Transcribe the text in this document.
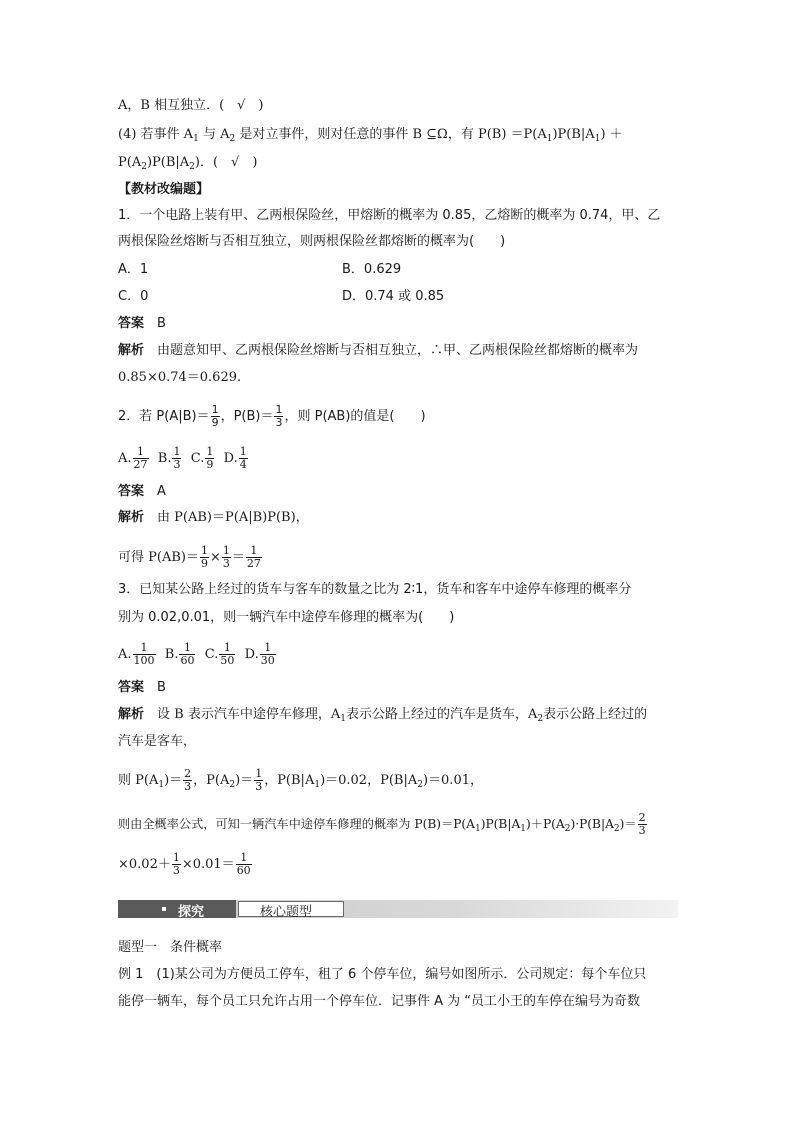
A，B 相互独立．(　√　)
(4) 若事件 $A_1$ 与 $A_2$ 是对立事件，则对任意的事件 B ⊆Ω，有 $P(B) =P(A_1)P(B|A_1)$ ＋
$P(A_2)P(B|A_2)$．(　√　)
【教材改编题】
1．一个电路上装有甲、乙两根保险丝，甲熔断的概率为 0.85，乙熔断的概率为 0.74，甲、乙
两根保险丝熔断与否相互独立，则两根保险丝都熔断的概率为(　　)
A．1	B．0.629
C．0	D．0.74 或 0.85
答案　 B
解析　 由题意知甲、乙两根保险丝熔断与否相互独立，∴甲、乙两根保险丝都熔断的概率为
0.85×0.74＝0.629.
2．若 $P(A|B)= \frac{1}{9}$ ，$P(B)= \frac{1}{3}$ ，则 P(AB)的值是(　　)
A. $\frac{1}{27} B$. $\frac{1}{3} C$. $\frac{1}{9} D$. $\frac{1}{4}$
答案　 A
解析　 由 P(AB)＝P(A|B)P(B)，
可得 $P(AB)= \frac{1}{9} \times \frac{1}{3} = \frac{1}{27}$
3．已知某公路上经过的货车与客车的数量之比为 2∶1，货车和客车中途停车修理的概率分
别为 0.02,0.01，则一辆汽车中途停车修理的概率为(　　)
A. $\frac{1}{100} B$. $\frac{1}{60} C$. $\frac{1}{50} D$. $\frac{1}{30}$
答案　 B
解析　 设 B 表示汽车中途停车修理，$A_1$表示公路上经过的汽车是货车，$A_2$表示公路上经过的
汽车是客车，
则 $P(A_1)= \frac{2}{3}$ ，$P(A_2)= \frac{1}{3}$ ，$P(B|A_1)=0.02$，$P(B|A_2)=0.01$，
则由全概率公式，可知一辆汽车中途停车修理的概率为 $P(B)=P(A_1)P(B|A_1)+P(A_2)\cdot P(B|A_2)= \frac{2}{3}$
$\times 0.02+ \frac{1}{3} \times 0.01= \frac{1}{60}$
探究	核心题型
题型一　条件概率
例 1　(1)某公司为方便员工停车，租了 6 个停车位，编号如图所示．公司规定：每个车位只
能停一辆车，每个员工只允许占用一个停车位．记事件 A 为 “员工小王的车停在编号为奇数
